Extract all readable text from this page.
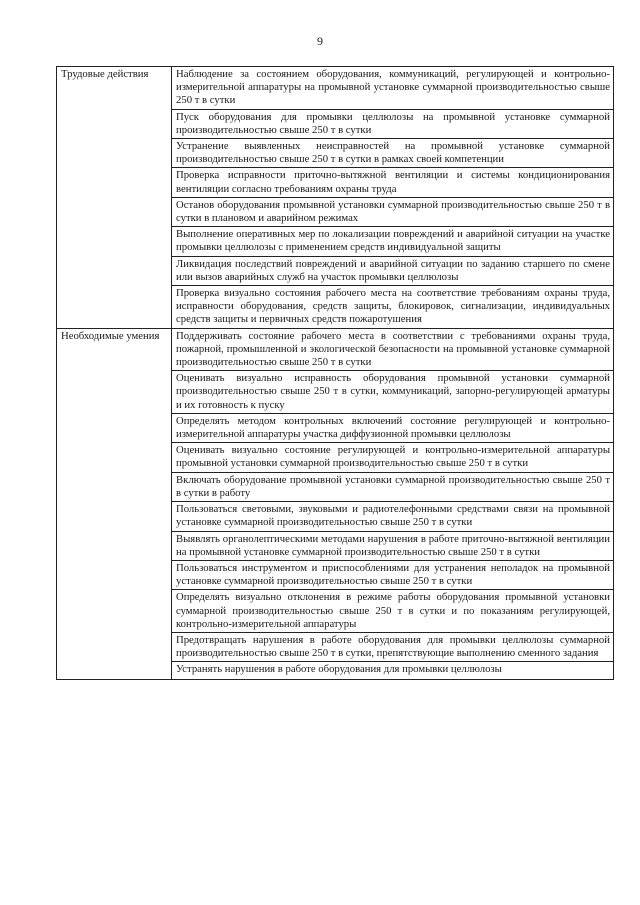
9
Трудовые действия	Наблюдение за состоянием оборудования, коммуникаций, регулирующей и контрольно-измерительной аппаратуры на промывной установке суммарной производительностью свыше 250 т в сутки
	Пуск оборудования для промывки целлюлозы на промывной установке суммарной производительностью свыше 250 т в сутки
	Устранение выявленных неисправностей на промывной установке суммарной производительностью свыше 250 т в сутки в рамках своей компетенции
	Проверка исправности приточно-вытяжной вентиляции и системы кондиционирования вентиляции согласно требованиям охраны труда
	Останов оборудования промывной установки суммарной производительностью свыше 250 т в сутки в плановом и аварийном режимах
	Выполнение оперативных мер по локализации повреждений и аварийной ситуации на участке промывки целлюлозы с применением средств индивидуальной защиты
	Ликвидация последствий повреждений и аварийной ситуации по заданию старшего по смене или вызов аварийных служб на участок промывки целлюлозы
	Проверка визуально состояния рабочего места на соответствие требованиям охраны труда, исправности оборудования, средств защиты, блокировок, сигнализации, индивидуальных средств защиты и первичных средств пожаротушения
Необходимые умения	Поддерживать состояние рабочего места в соответствии с требованиями охраны труда, пожарной, промышленной и экологической безопасности на промывной установке суммарной производительностью свыше 250 т в сутки
	Оценивать визуально исправность оборудования промывной установки суммарной производительностью свыше 250 т в сутки, коммуникаций, запорно-регулирующей арматуры и их готовность к пуску
	Определять методом контрольных включений состояние регулирующей и контрольно-измерительной аппаратуры участка диффузионной промывки целлюлозы
	Оценивать визуально состояние регулирующей и контрольно-измерительной аппаратуры промывной установки суммарной производительностью свыше 250 т в сутки
	Включать оборудование промывной установки суммарной производительностью свыше 250 т в сутки в работу
	Пользоваться световыми, звуковыми и радиотелефонными средствами связи на промывной установке суммарной производительностью свыше 250 т в сутки
	Выявлять органолептическими методами нарушения в работе приточно-вытяжной вентиляции на промывной установке суммарной производительностью свыше 250 т в сутки
	Пользоваться инструментом и приспособлениями для устранения неполадок на промывной установке суммарной производительностью свыше 250 т в сутки
	Определять визуально отклонения в режиме работы оборудования промывной установки суммарной производительностью свыше 250 т в сутки и по показаниям регулирующей, контрольно-измерительной аппаратуры
	Предотвращать нарушения в работе оборудования для промывки целлюлозы суммарной производительностью свыше 250 т в сутки, препятствующие выполнению сменного задания
	Устранять нарушения в работе оборудования для промывки целлюлозы
